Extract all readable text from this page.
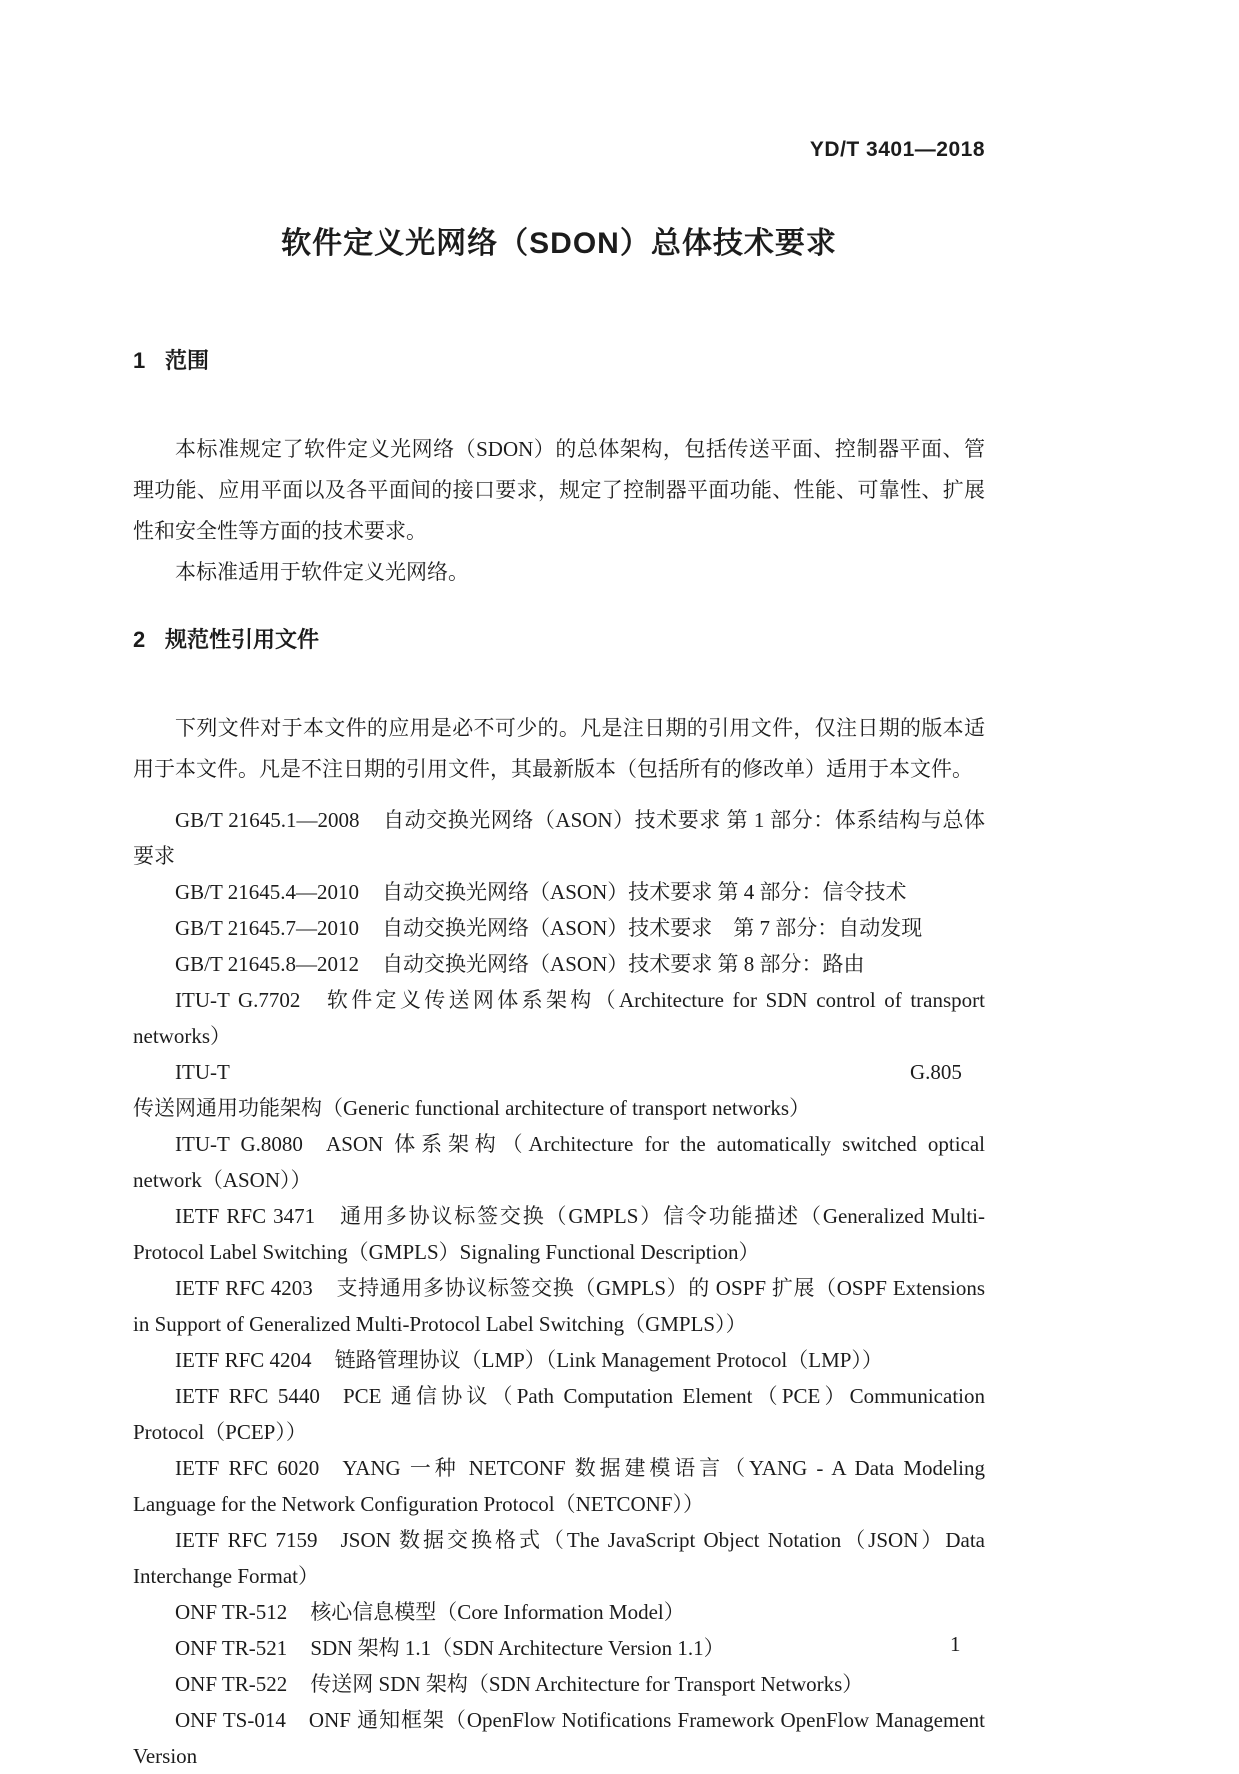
YD/T 3401—2018
软件定义光网络（SDON）总体技术要求
1 范围

本标准规定了软件定义光网络（SDON）的总体架构，包括传送平面、控制器平面、管理功能、应用平面以及各平面间的接口要求，规定了控制器平面功能、性能、可靠性、扩展性和安全性等方面的技术要求。

本标准适用于软件定义光网络。

2 规范性引用文件

下列文件对于本文件的应用是必不可少的。凡是注日期的引用文件，仅注日期的版本适用于本文件。凡是不注日期的引用文件，其最新版本（包括所有的修改单）适用于本文件。

GB/T 21645.1—2008 自动交换光网络（ASON）技术要求 第 1 部分：体系结构与总体要求

GB/T 21645.4—2010 自动交换光网络（ASON）技术要求 第 4 部分：信令技术

GB/T 21645.7—2010 自动交换光网络（ASON）技术要求　第 7 部分：自动发现

GB/T 21645.8—2012 自动交换光网络（ASON）技术要求 第 8 部分：路由

ITU-T G.7702 软件定义传送网体系架构（Architecture for SDN control of transport networks）

ITU-T G.805传送网通用功能架构（Generic functional architecture of transport networks）

ITU-T G.8080 ASON 体系架构（Architecture for the automatically switched optical network（ASON））

IETF RFC 3471 通用多协议标签交换（GMPLS）信令功能描述（Generalized Multi-Protocol Label Switching（GMPLS）Signaling Functional Description）

IETF RFC 4203 支持通用多协议标签交换（GMPLS）的 OSPF 扩展（OSPF Extensions in Support of Generalized Multi-Protocol Label Switching（GMPLS））

IETF RFC 4204 链路管理协议（LMP）（Link Management Protocol（LMP））

IETF RFC 5440 PCE 通信协议（Path Computation Element（PCE）Communication Protocol（PCEP））

IETF RFC 6020 YANG 一种 NETCONF 数据建模语言（YANG - A Data Modeling Language for the Network Configuration Protocol（NETCONF））

IETF RFC 7159 JSON 数据交换格式（The JavaScript Object Notation（JSON）Data Interchange Format）

ONF TR-512 核心信息模型（Core Information Model）

ONF TR-521 SDN 架构 1.1（SDN Architecture Version 1.1）

ONF TR-522 传送网 SDN 架构（SDN Architecture for Transport Networks）

ONF TS-014 ONF 通知框架（OpenFlow Notifications Framework OpenFlow Management Version

1
